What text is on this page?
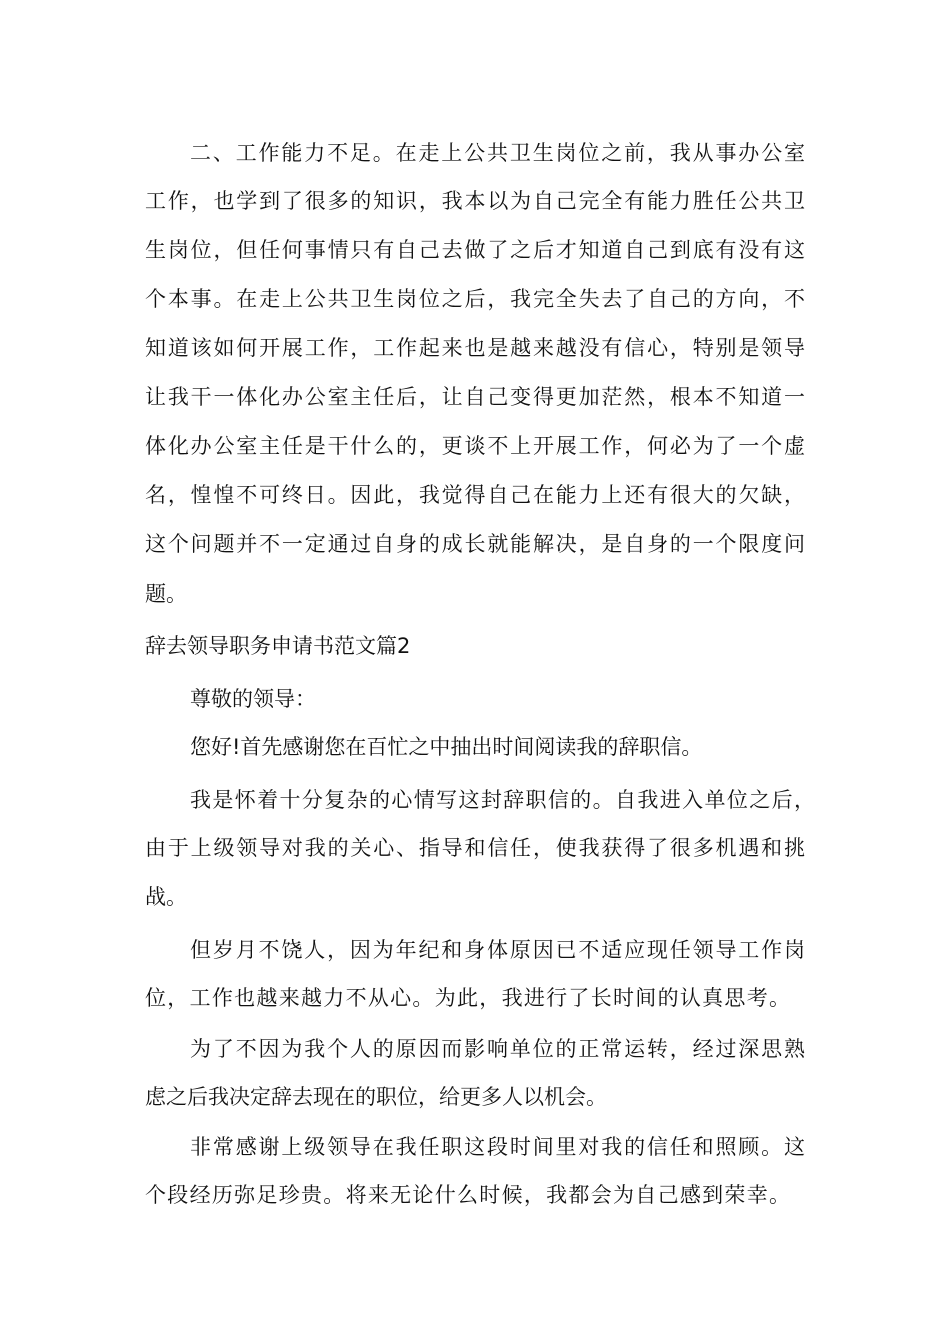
二、工作能力不足。在走上公共卫生岗位之前，我从事办公室
工作，也学到了很多的知识，我本以为自己完全有能力胜任公共卫
生岗位，但任何事情只有自己去做了之后才知道自己到底有没有这
个本事。在走上公共卫生岗位之后，我完全失去了自己的方向，不
知道该如何开展工作，工作起来也是越来越没有信心，特别是领导
让我干一体化办公室主任后，让自己变得更加茫然，根本不知道一
体化办公室主任是干什么的，更谈不上开展工作，何必为了一个虚
名，惶惶不可终日。因此，我觉得自己在能力上还有很大的欠缺，
这个问题并不一定通过自身的成长就能解决，是自身的一个限度问
题。
辞去领导职务申请书范文篇2
尊敬的领导：
您好!首先感谢您在百忙之中抽出时间阅读我的辞职信。
我是怀着十分复杂的心情写这封辞职信的。自我进入单位之后，
由于上级领导对我的关心、指导和信任，使我获得了很多机遇和挑
战。
但岁月不饶人，因为年纪和身体原因已不适应现任领导工作岗
位，工作也越来越力不从心。为此，我进行了长时间的认真思考。
为了不因为我个人的原因而影响单位的正常运转，经过深思熟
虑之后我决定辞去现在的职位，给更多人以机会。
非常感谢上级领导在我任职这段时间里对我的信任和照顾。这
个段经历弥足珍贵。将来无论什么时候，我都会为自己感到荣幸。
